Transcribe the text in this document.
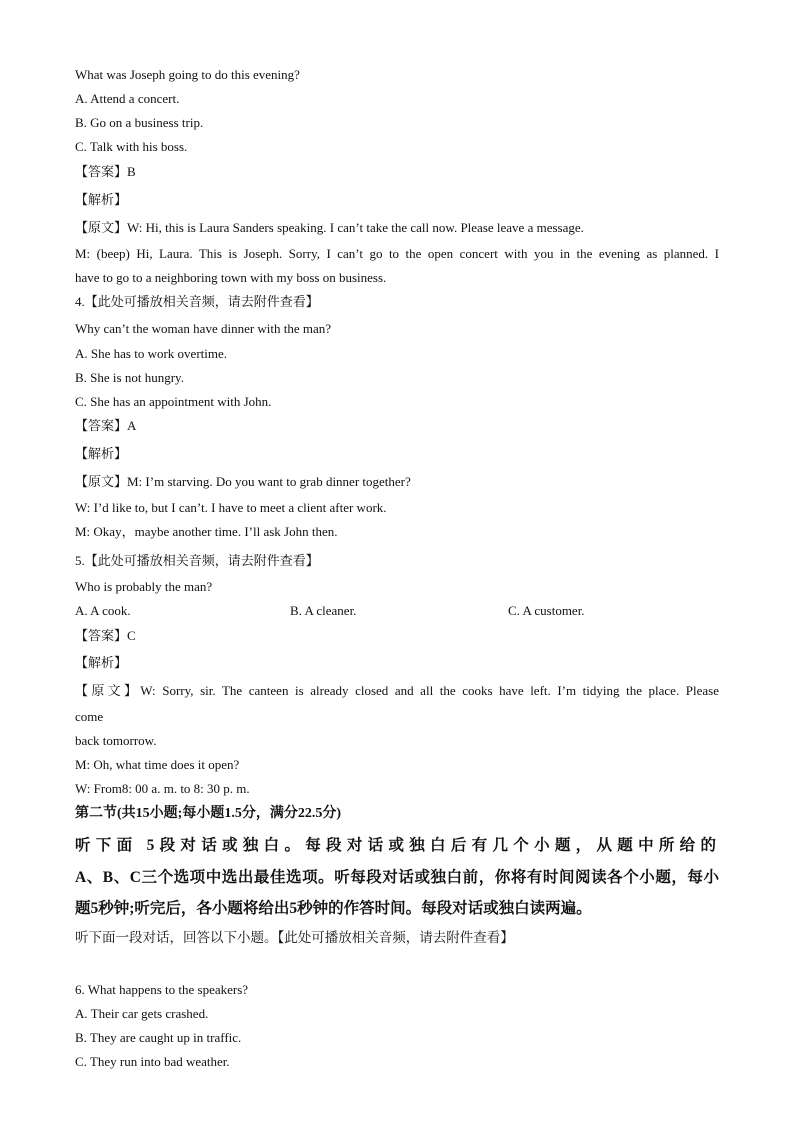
What was Joseph going to do this evening?
A. Attend a concert.
B. Go on a business trip.
C. Talk with his boss.
【答案】B
【解析】
【原文】W: Hi, this is Laura Sanders speaking. I can’t take the call now. Please leave a message.
M: (beep) Hi, Laura. This is Joseph. Sorry, I can’t go to the open concert with you in the evening as planned. I
have to go to a neighboring town with my boss on business.
4.【此处可播放相关音频，请去附件查看】
Why can’t the woman have dinner with the man?
A. She has to work overtime.
B. She is not hungry.
C. She has an appointment with John.
【答案】A
【解析】
【原文】M: I’m starving. Do you want to grab dinner together?
W: I’d like to, but I can’t. I have to meet a client after work.
M: Okay，maybe another time. I’ll ask John then.
5.【此处可播放相关音频，请去附件查看】
Who is probably the man?
A. A cook.	B. A cleaner.	C. A customer.
【答案】C
【解析】
【原文】W: Sorry, sir. The canteen is already closed and all the cooks have left. I’m tidying the place. Please
come
back tomorrow.
M: Oh, what time does it open?
W: From8: 00 a. m. to 8: 30 p. m.
第二节(共15小题;每小题1.5分，满分22.5分)
听下面 5段对话或独白。每段对话或独白后有几个小题，从题中所给的
A、B、C三个选项中选出最佳选项。听每段对话或独白前，你将有时间阅读各个小题，每小
题5秒钟;听完后，各小题将给出5秒钟的作答时间。每段对话或独白读两遍。
听下面一段对话，回答以下小题。【此处可播放相关音频，请去附件查看】
6. What happens to the speakers?
A. Their car gets crashed.
B. They are caught up in traffic.
C. They run into bad weather.
